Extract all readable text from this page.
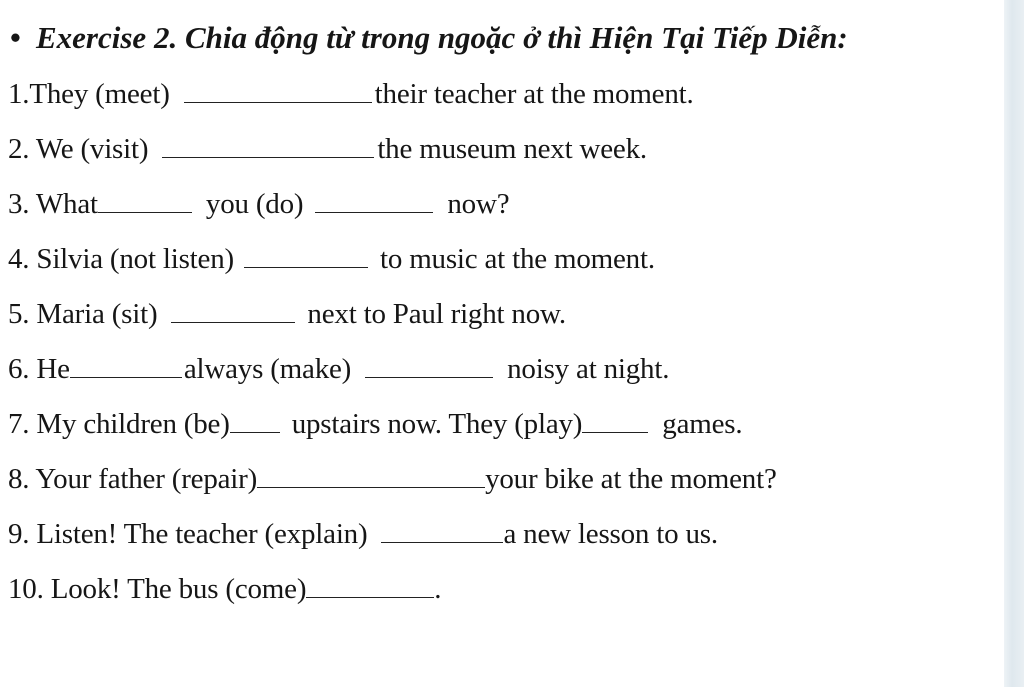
• Exercise 2. Chia động từ trong ngoặc ở thì Hiện Tại Tiếp Diễn:
1.They (meet)	their teacher at the moment.
2. We (visit)	the museum next week.
3. What	you (do)	now?
4. Silvia (not listen)	to music at the moment.
5. Maria (sit)	next to Paul right now.
6. He	always (make)	noisy at night.
7. My children (be) upstairs now. They (play)	games.
8. Your father (repair)	your bike at the moment?
9. Listen! The teacher (explain)	a new lesson to us.
10. Look! The bus (come)	.
